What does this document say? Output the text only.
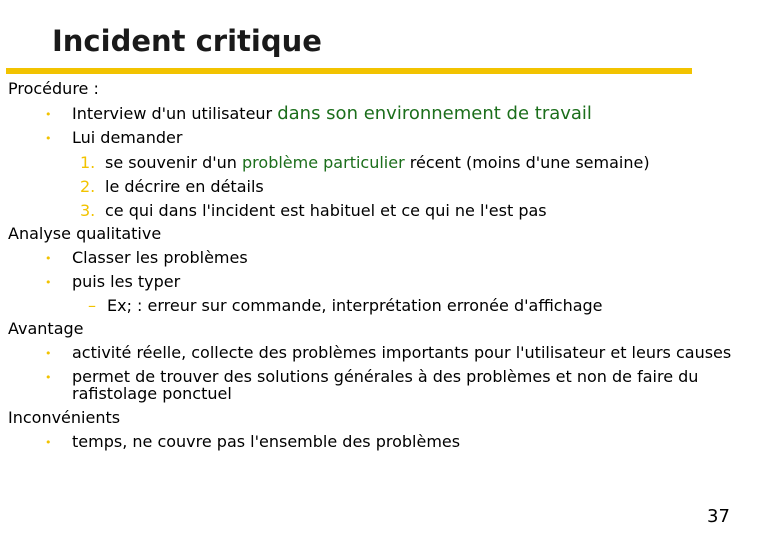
Incident critique
Procédure :
• Interview d'un utilisateur dans son environnement de travail
• Lui demander
1. se souvenir d'un problème particulier récent (moins d'une semaine)
2. le décrire en détails
3. ce qui dans l'incident est habituel et ce qui ne l'est pas
Analyse qualitative
• Classer les problèmes
• puis les typer
– Ex; : erreur sur commande, interprétation erronée d'affichage
Avantage
• activité réelle, collecte des problèmes importants pour l'utilisateur et leurs causes
• permet de trouver des solutions générales à des problèmes et non de faire du
rafistolage ponctuel
Inconvénients
• temps, ne couvre pas l'ensemble des problèmes
37
